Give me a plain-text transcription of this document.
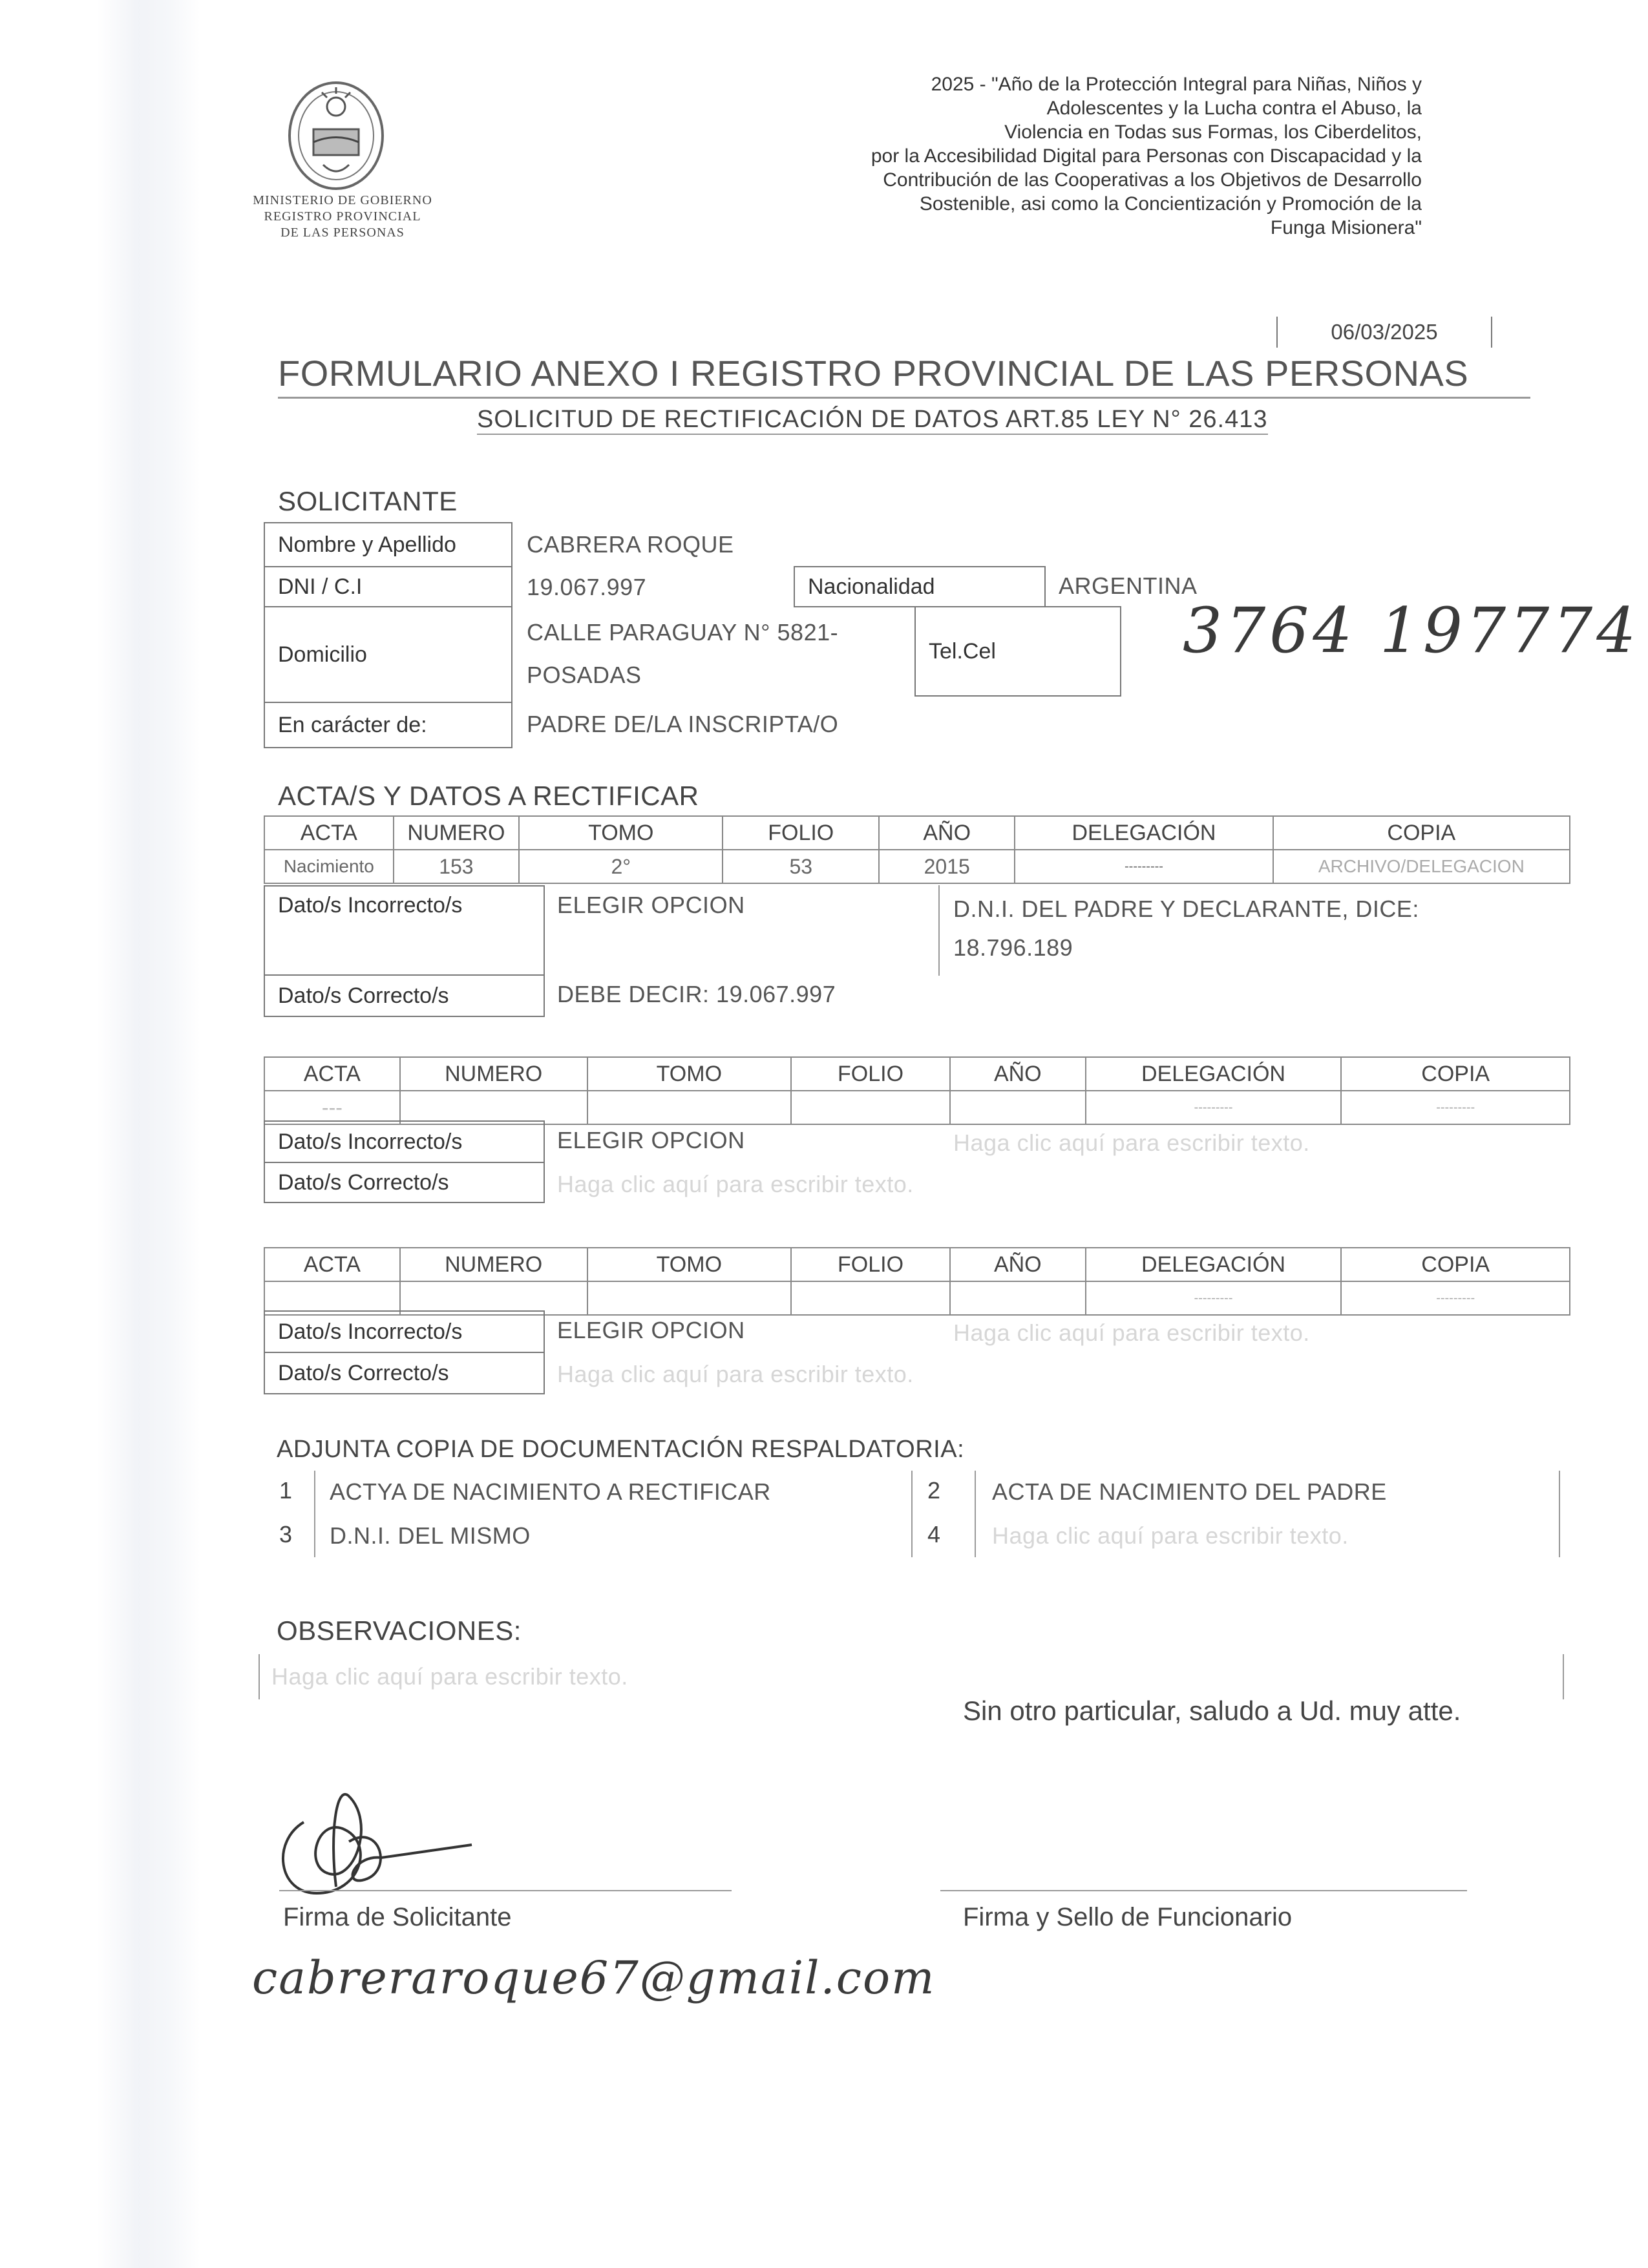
MINISTERIO DE GOBIERNO
REGISTRO PROVINCIAL
DE LAS PERSONAS
2025 - "Año de la Protección Integral para Niñas, Niños y
Adolescentes y la Lucha contra el Abuso, la
Violencia en Todas sus Formas, los Ciberdelitos,
por la Accesibilidad Digital para Personas con Discapacidad y la
Contribución de las Cooperativas a los Objetivos de Desarrollo
Sostenible, asi como la Concientización y Promoción de la
Funga Misionera"
06/03/2025
FORMULARIO ANEXO I REGISTRO PROVINCIAL DE LAS PERSONAS
SOLICITUD DE RECTIFICACIÓN DE DATOS ART.85 LEY N° 26.413
SOLICITANTE
Nombre y Apellido	CABRERA ROQUE
DNI / C.I	19.067.997	Nacionalidad	ARGENTINA
Domicilio
CALLE PARAGUAY N° 5821-
POSADAS
Tel.Cel	3764 197774
En carácter de:	PADRE DE/LA INSCRIPTA/O
ACTA/S Y DATOS A RECTIFICAR
ACTA	NUMERO	TOMO	FOLIO	AÑO	DELEGACIÓN	COPIA
Nacimiento	153	2°	53	2015	---------	ARCHIVO/DELEGACION
Dato/s Incorrecto/s	ELEGIR OPCION	D.N.I. DEL PADRE Y DECLARANTE, DICE:
18.796.189
Dato/s Correcto/s	DEBE DECIR: 19.067.997
ACTA	NUMERO	TOMO	FOLIO	AÑO	DELEGACIÓN	COPIA
---					---------	---------
Dato/s Incorrecto/s	ELEGIR OPCION	Haga clic aquí para escribir texto.
Dato/s Correcto/s	Haga clic aquí para escribir texto.
ACTA	NUMERO	TOMO	FOLIO	AÑO	DELEGACIÓN	COPIA
					---------	---------
Dato/s Incorrecto/s	ELEGIR OPCION	Haga clic aquí para escribir texto.
Dato/s Correcto/s	Haga clic aquí para escribir texto.
ADJUNTA COPIA DE DOCUMENTACIÓN RESPALDATORIA:
1 ACTYA DE NACIMIENTO A RECTIFICAR	2 ACTA DE NACIMIENTO DEL PADRE
3 D.N.I. DEL MISMO	4 Haga clic aquí para escribir texto.
OBSERVACIONES:
Haga clic aquí para escribir texto.
Sin otro particular, saludo a Ud. muy atte.
Firma de Solicitante	Firma y Sello de Funcionario
cabreraroque67@gmail.com
